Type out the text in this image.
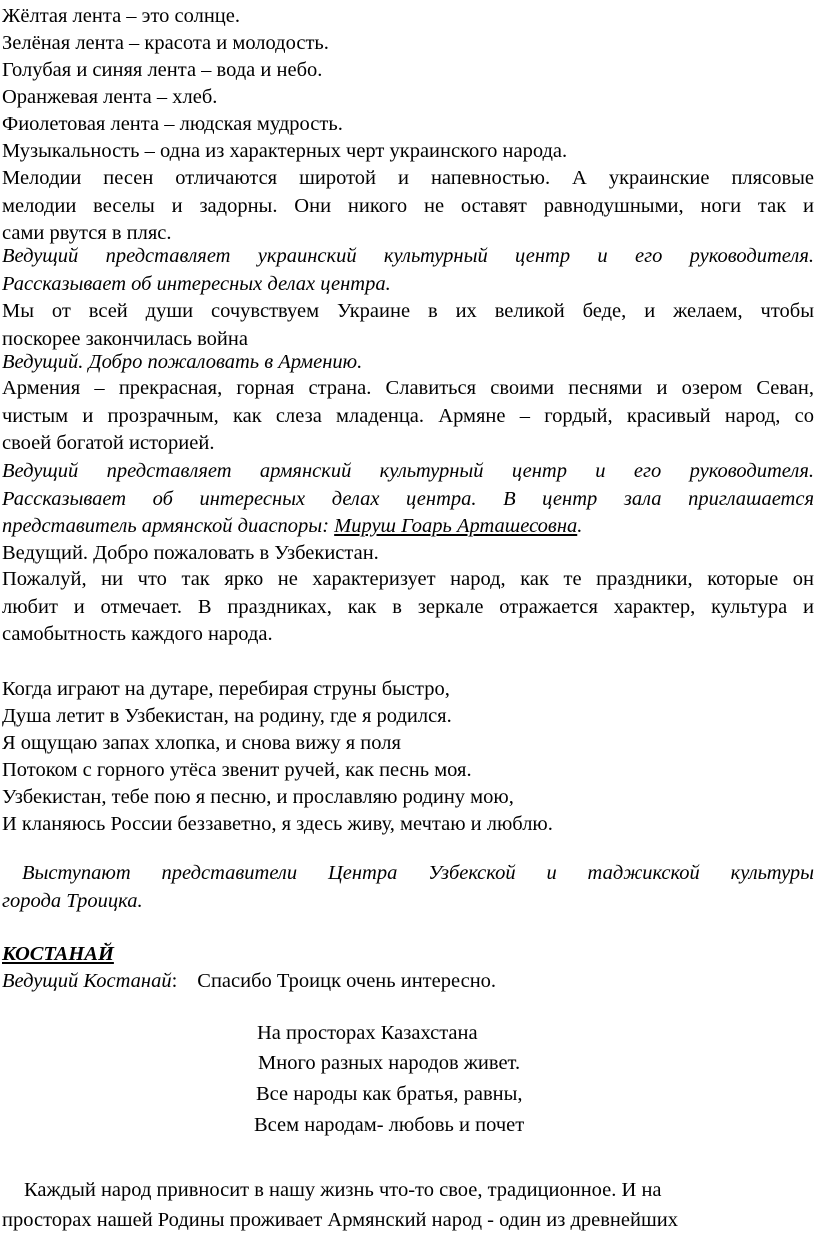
Жёлтая лента – это солнце.
Зелёная лента – красота и молодость.
Голубая и синяя лента – вода и небо.
Оранжевая лента – хлеб.
Фиолетовая лента – людская мудрость.
Музыкальность – одна из характерных черт украинского народа.
Мелодии песен отличаются широтой и напевностью. А украинские плясовые
мелодии веселы и задорны. Они никого не оставят равнодушными, ноги так и
сами рвутся в пляс.
Ведущий представляет украинский культурный центр и его руководителя.
Рассказывает об интересных делах центра.
Мы от всей души сочувствуем Украине в их великой беде, и желаем, чтобы
поскорее закончилась война
Ведущий. Добро пожаловать в Армению.
Армения – прекрасная, горная страна. Славиться своими песнями и озером Севан,
чистым и прозрачным, как слеза младенца. Армяне – гордый, красивый народ, со
своей богатой историей.
Ведущий представляет армянский культурный центр и его руководителя.
Рассказывает об интересных делах центра. В центр зала приглашается
представитель армянской диаспоры: Мируш Гоарь Арташесовна.
Ведущий. Добро пожаловать в Узбекистан.
Пожалуй, ни что так ярко не характеризует народ, как те праздники, которые он
любит и отмечает. В праздниках, как в зеркале отражается характер, культура и
самобытность каждого народа.
Когда играют на дутаре, перебирая струны быстро,
Душа летит в Узбекистан, на родину, где я родился.
Я ощущаю запах хлопка, и снова вижу я поля
Потоком с горного утёса звенит ручей, как песнь моя.
Узбекистан, тебе пою я песню, и прославляю родину мою,
И кланяюсь России беззаветно, я здесь живу, мечтаю и люблю.
Выступают представители Центра Узбекской и таджикской культуры
города Троицка.
КОСТАНАЙ
Ведущий Костанай: Спасибо Троицк очень интересно.
На просторах Казахстана
Много разных народов живет.
Все народы как братья, равны,
Всем народам- любовь и почет
Каждый народ привносит в нашу жизнь что-то свое, традиционное. И на
просторах нашей Родины проживает Армянский народ - один из древнейших
